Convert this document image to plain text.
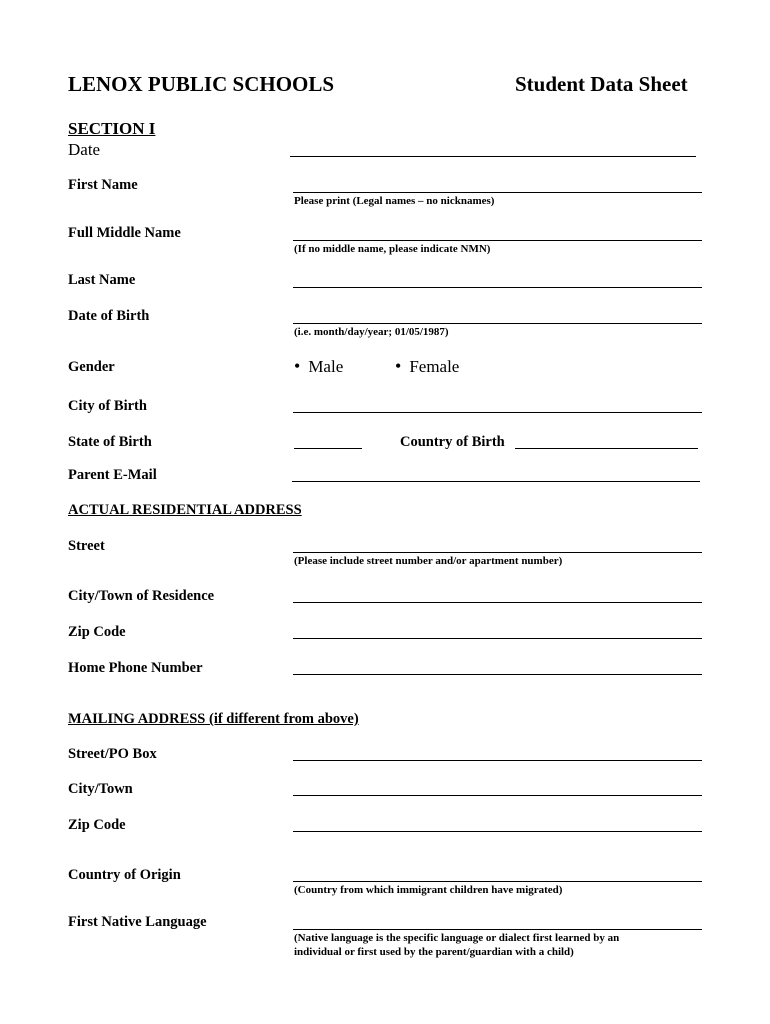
LENOX PUBLIC SCHOOLS	Student Data Sheet
SECTION I
Date
First Name
Please print (Legal names – no nicknames)
Full Middle Name
(If no middle name, please indicate NMN)
Last Name
Date of Birth
(i.e. month/day/year; 01/05/1987)
Gender	• Male	• Female
City of Birth
State of Birth	Country of Birth
Parent E-Mail
ACTUAL RESIDENTIAL ADDRESS
Street
(Please include street number and/or apartment number)
City/Town of Residence
Zip Code
Home Phone Number
MAILING ADDRESS (if different from above)
Street/PO Box
City/Town
Zip Code
Country of Origin
(Country from which immigrant children have migrated)
First Native Language
(Native language is the specific language or dialect first learned by an
individual or first used by the parent/guardian with a child)
